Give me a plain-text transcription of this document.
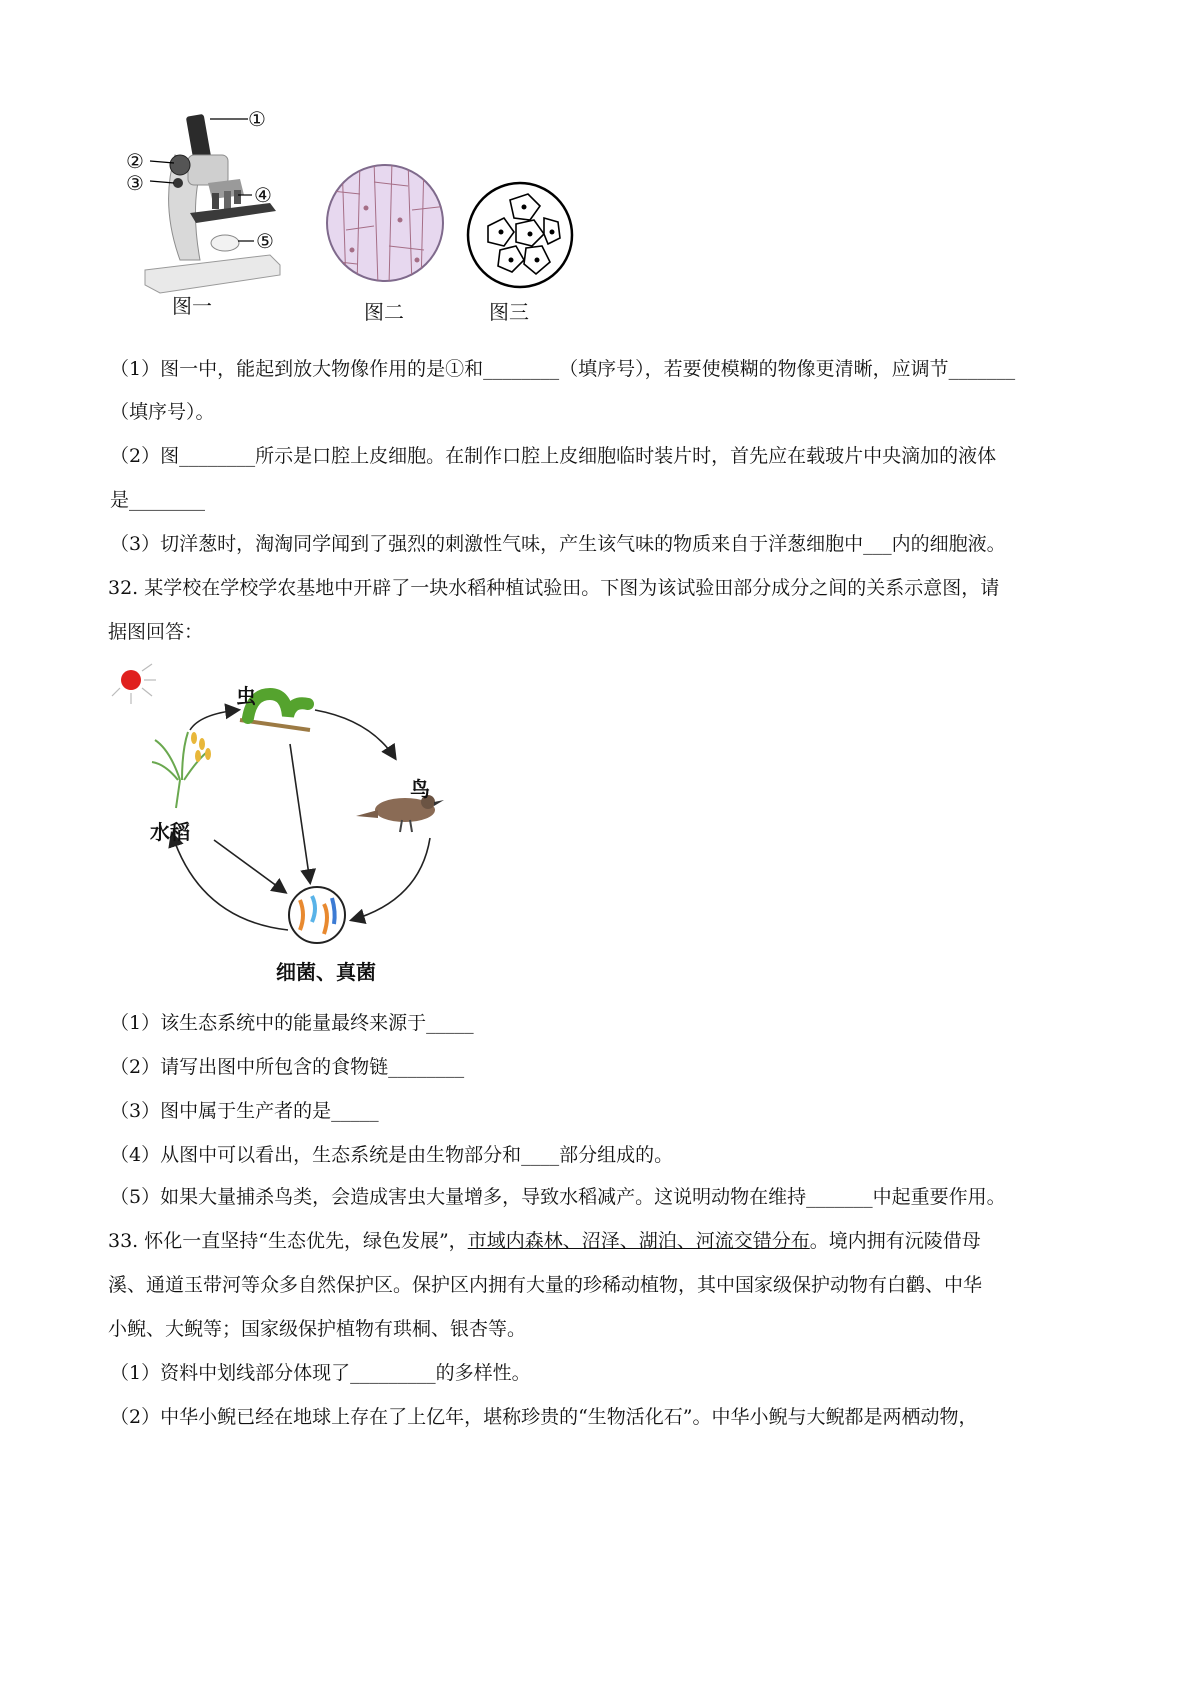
①
②
③	④
⑤
图一	图二	图三
（1）图一中，能起到放大物像作用的是①和________（填序号），若要使模糊的物像更清晰，应调节_______
（填序号）。
（2）图________所示是口腔上皮细胞。在制作口腔上皮细胞临时装片时，首先应在载玻片中央滴加的液体
是________
（3）切洋葱时，淘淘同学闻到了强烈的刺激性气味，产生该气味的物质来自于洋葱细胞中___内的细胞液。
32. 某学校在学校学农基地中开辟了一块水稻种植试验田。下图为该试验田部分成分之间的关系示意图，请
据图回答：
虫
鸟
水稻
细菌、真菌
（1）该生态系统中的能量最终来源于_____
（2）请写出图中所包含的食物链________
（3）图中属于生产者的是_____
（4）从图中可以看出，生态系统是由生物部分和____部分组成的。
（5）如果大量捕杀鸟类，会造成害虫大量增多，导致水稻减产。这说明动物在维持_______中起重要作用。
33. 怀化一直坚持“生态优先，绿色发展”，市域内森林、沼泽、湖泊、河流交错分布。境内拥有沅陵借母
溪、通道玉带河等众多自然保护区。保护区内拥有大量的珍稀动植物，其中国家级保护动物有白鹳、中华
小鲵、大鲵等；国家级保护植物有珙桐、银杏等。
（1）资料中划线部分体现了_________的多样性。
（2）中华小鲵已经在地球上存在了上亿年，堪称珍贵的“生物活化石”。中华小鲵与大鲵都是两栖动物，
